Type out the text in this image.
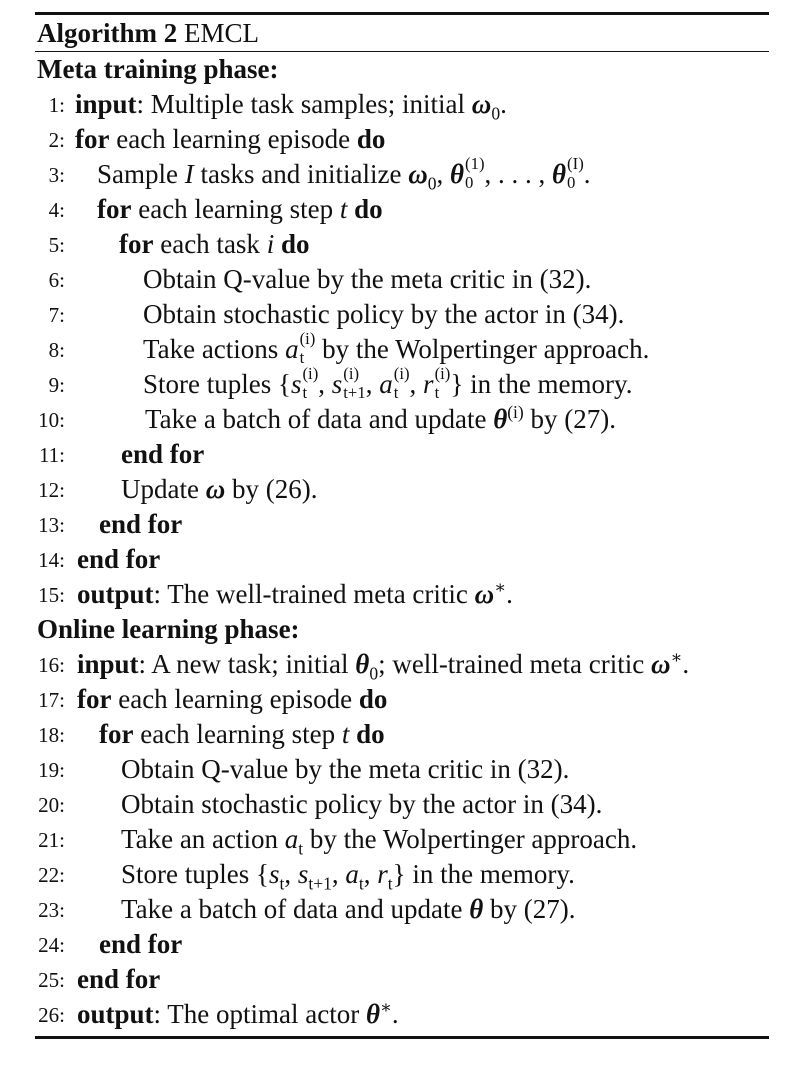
Algorithm 2 EMCL
Meta training phase:
1: input: Multiple task samples; initial $\omega_0$.
2: for each learning episode do
3: Sample I tasks and initialize $\omega_0$, θ (1)
0 , . . . , θ (I)
0 .
4: for each learning step t do
5: for each task i do
6:	Obtain Q-value by the meta critic in (32).
7:	Obtain stochastic policy by the actor in (34).
8:	Take actions a (i)
t by the Wolpertinger approach.
9:	Store tuples {s (i)
t , s (i)
t+1 , a (i)
t , r (i)
t } in the memory.
10:	Take a batch of data and update $\theta^{(i)}$ by (27).
11: end for
12: Update ω by (26).
13: end for
14: end for
15: output: The well-trained meta critic ω∗.
Online learning phase:
16: input: A new task; initial $\theta_0$; well-trained meta critic ω∗.
17: for each learning episode do
18: for each learning step t do
19: Obtain Q-value by the meta critic in (32).
20: Obtain stochastic policy by the actor in (34).
21: Take an action $a_t$ by the Wolpertinger approach.
22: Store tuples {$s_t$, $s_{t+1}$, $a_t$, $r_t$} in the memory.
23: Take a batch of data and update θ by (27).
24: end for
25: end for
26: output: The optimal actor θ∗.
